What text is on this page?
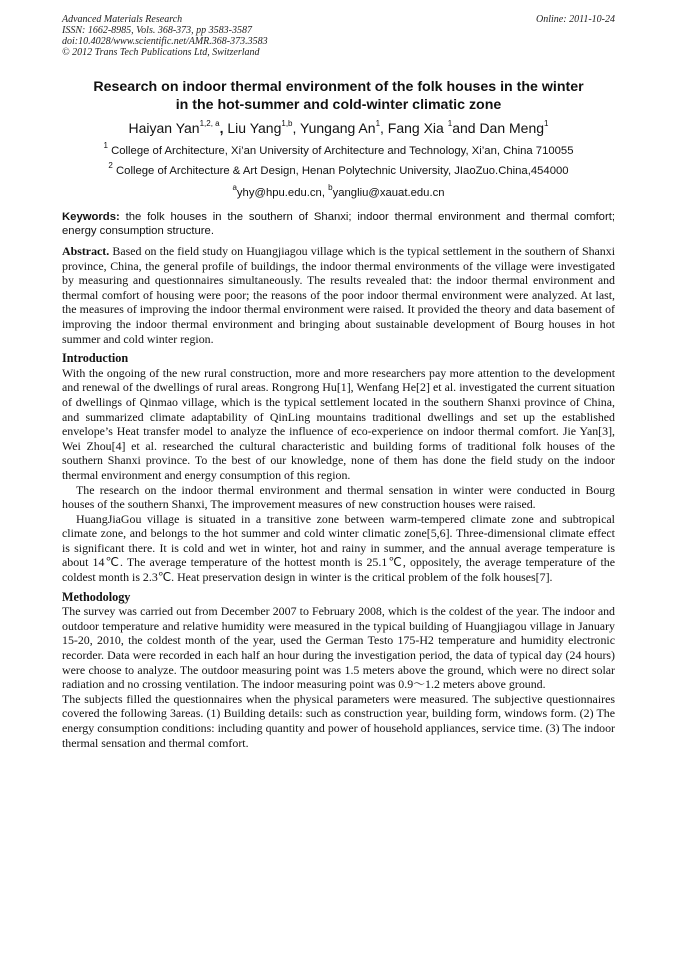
Advanced Materials Research
ISSN: 1662-8985, Vols. 368-373, pp 3583-3587
doi:10.4028/www.scientific.net/AMR.368-373.3583
© 2012 Trans Tech Publications Ltd, Switzerland
Online: 2011-10-24
Research on indoor thermal environment of the folk houses in the winter
in the hot-summer and cold-winter climatic zone
Haiyan Yan$^{1,2, a}$, Liu Yang$^{1,b}$, Yungang An$^1$, Fang Xia $^1$and Dan Meng$^1$
$^1$ College of Architecture, Xi’an University of Architecture and Technology, Xi’an, China 710055
$^2$ College of Architecture & Art Design, Henan Polytechnic University, JIaoZuo.China,454000
$^a$yhy@hpu.edu.cn, $^b$yangliu@xauat.edu.cn
Keywords: the folk houses in the southern of Shanxi; indoor thermal environment and thermal comfort; energy consumption structure.
Abstract. Based on the field study on Huangjiagou village which is the typical settlement in the southern of Shanxi province, China, the general profile of buildings, the indoor thermal environments of the village were investigated by measuring and questionnaires simultaneously. The results revealed that: the indoor thermal environment and thermal comfort of housing were poor; the reasons of the poor indoor thermal environment were analyzed. At last, the measures of improving the indoor thermal environment were raised. It provided the theory and data basement of improving the indoor thermal environment and bringing about sustainable development of Bourg houses in hot summer and cold winter region.
Introduction

With the ongoing of the new rural construction, more and more researchers pay more attention to the development and renewal of the dwellings of rural areas. Rongrong Hu[1], Wenfang He[2] et al. investigated the current situation of dwellings of Qinmao village, which is the typical settlement located in the southern Shanxi province of China, and summarized climate adaptability of QinLing mountains traditional dwellings and set up the established envelope’s Heat transfer model to analyze the influence of eco-experience on indoor thermal comfort. Jie Yan[3], Wei Zhou[4] et al. researched the cultural characteristic and building forms of traditional folk houses of the southern Shanxi province. To the best of our knowledge, none of them has done the field study on the indoor thermal environment and energy consumption of this region.

The research on the indoor thermal environment and thermal sensation in winter were conducted in Bourg houses of the southern Shanxi, The improvement measures of new construction houses were raised.

HuangJiaGou village is situated in a transitive zone between warm-tempered climate zone and subtropical climate zone, and belongs to the hot summer and cold winter climatic zone[5,6]. Three-dimensional climate effect is significant there. It is cold and wet in winter, hot and rainy in summer, and the annual average temperature is about 14℃. The average temperature of the hottest month is 25.1℃, oppositely, the average temperature of the coldest month is 2.3℃. Heat preservation design in winter is the critical problem of the folk houses[7].

Methodology

The survey was carried out from December 2007 to February 2008, which is the coldest of the year. The indoor and outdoor temperature and relative humidity were measured in the typical building of Huangjiagou village in January 15-20, 2010, the coldest month of the year, used the German Testo 175-H2 temperature and humidity electronic recorder. Data were recorded in each half an hour during the investigation period, the data of typical day (24 hours) were choose to analyze. The outdoor measuring point was 1.5 meters above the ground, which were no direct solar radiation and no crossing ventilation. The indoor measuring point was 0.9～1.2 meters above ground.

The subjects filled the questionnaires when the physical parameters were measured. The subjective questionnaires covered the following 3areas. (1) Building details: such as construction year, building form, windows form. (2) The energy consumption conditions: including quantity and power of household appliances, service time. (3) The indoor thermal sensation and thermal comfort.
